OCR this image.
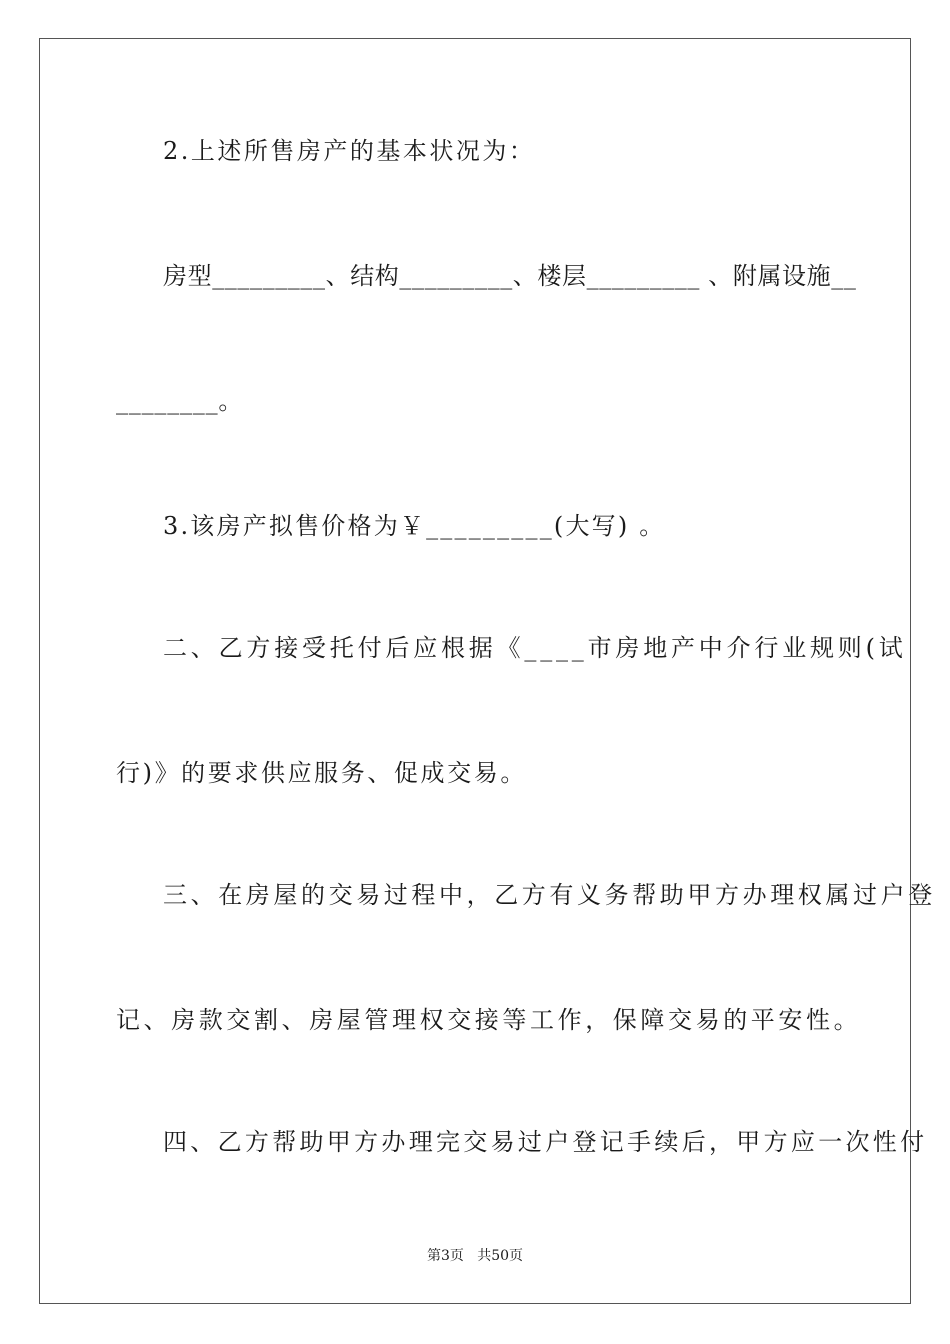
2.上述所售房产的基本状况为：
房型_________、结构_________、楼层_________ 、附属设施__
________。
3.该房产拟售价格为￥_________(大写) 。
二、乙方接受托付后应根据《____市房地产中介行业规则(试
行)》的要求供应服务、促成交易。
三、在房屋的交易过程中，乙方有义务帮助甲方办理权属过户登
记、房款交割、房屋管理权交接等工作，保障交易的平安性。
四、乙方帮助甲方办理完交易过户登记手续后，甲方应一次性付
第3页   共50页
